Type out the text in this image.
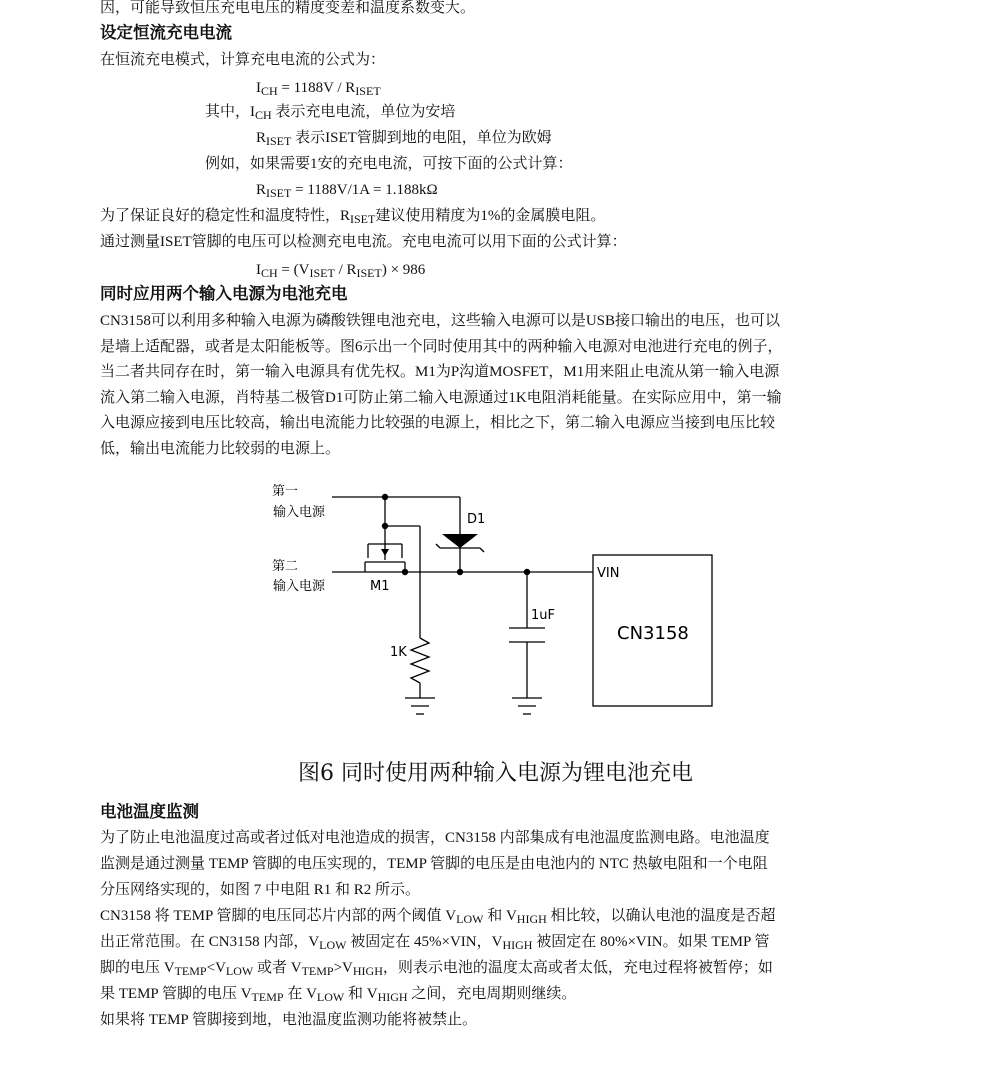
因，可能导致恒压充电电压的精度变差和温度系数变大。
设定恒流充电电流
在恒流充电模式，计算充电电流的公式为：
$I_{CH} = 1188V / R_{ISET}$
其中，$I_{CH}$ 表示充电电流，单位为安培
$R_{ISET}$ 表示ISET管脚到地的电阻，单位为欧姆
例如，如果需要1安的充电电流，可按下面的公式计算：
$R_{ISET} = 1188V/1A = 1.188k\Omega$
为了保证良好的稳定性和温度特性，$R_{ISET}$建议使用精度为1%的金属膜电阻。
通过测量ISET管脚的电压可以检测充电电流。充电电流可以用下面的公式计算：
$I_{CH} = (V_{ISET} / R_{ISET}) \times 986$
同时应用两个输入电源为电池充电
CN3158可以利用多种输入电源为磷酸铁锂电池充电，这些输入电源可以是USB接口输出的电压，也可以
是墙上适配器，或者是太阳能板等。图6示出一个同时使用其中的两种输入电源对电池进行充电的例子，
当二者共同存在时，第一输入电源具有优先权。M1为P沟道MOSFET，M1用来阻止电流从第一输入电源
流入第二输入电源，肖特基二极管D1可防止第二输入电源通过1K电阻消耗能量。在实际应用中，第一输
入电源应接到电压比较高，输出电流能力比较强的电源上，相比之下，第二输入电源应当接到电压比较
低，输出电流能力比较弱的电源上。
第一
输入电源
第二
输入电源	M1
D1
1K
1uF
VIN
CN3158
图6 同时使用两种输入电源为锂电池充电
电池温度监测
为了防止电池温度过高或者过低对电池造成的损害，CN3158 内部集成有电池温度监测电路。电池温度
监测是通过测量 TEMP 管脚的电压实现的，TEMP 管脚的电压是由电池内的 NTC 热敏电阻和一个电阻
分压网络实现的，如图 7 中电阻 R1 和 R2 所示。
CN3158 将 TEMP 管脚的电压同芯片内部的两个阈值 $V_{LOW}$ 和 $V_{HIGH}$ 相比较，以确认电池的温度是否超
出正常范围。在 CN3158 内部，$V_{LOW}$ 被固定在 45%×VIN，$V_{HIGH}$ 被固定在 80%×VIN。如果 TEMP 管
脚的电压 $V_{TEMP}<V_{LOW}$ 或者 $V_{TEMP}>V_{HIGH}$，则表示电池的温度太高或者太低，充电过程将被暂停；如
果 TEMP 管脚的电压 $V_{TEMP}$ 在 $V_{LOW}$ 和 $V_{HIGH}$ 之间，充电周期则继续。
如果将 TEMP 管脚接到地，电池温度监测功能将被禁止。
